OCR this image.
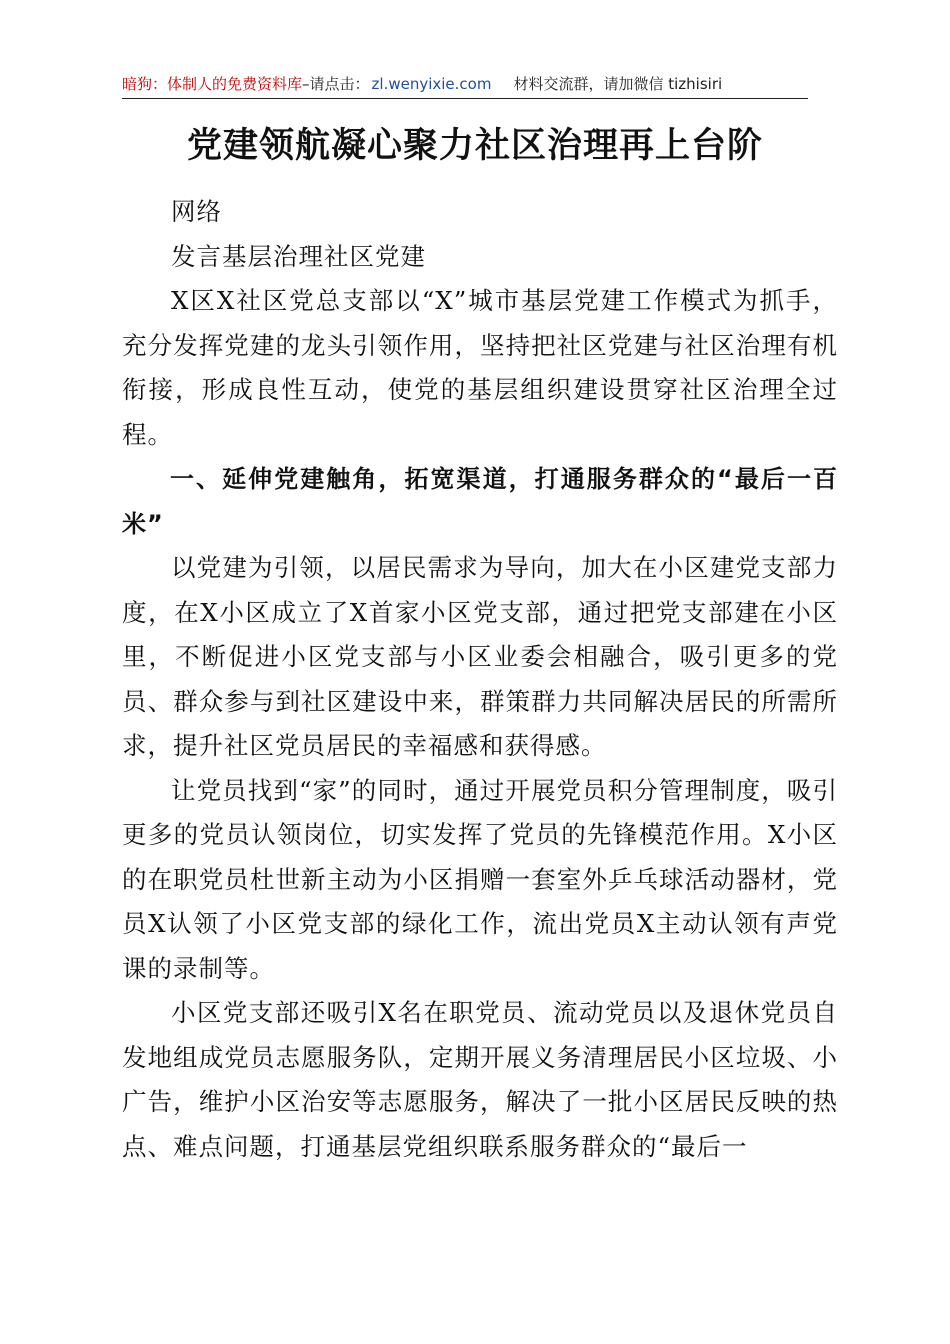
暗狗：体制人的免费资料库–请点击： zl.wenyixie.com 材料交流群，请加微信 tizhisiri
党建领航凝心聚力社区治理再上台阶

网络

发言基层治理社区党建

X区X社区党总支部以“X”城市基层党建工作模式为抓手，充分发挥党建的龙头引领作用，坚持把社区党建与社区治理有机衔接，形成良性互动，使党的基层组织建设贯穿社区治理全过程。

一、延伸党建触角，拓宽渠道，打通服务群众的“最后一百米”

以党建为引领，以居民需求为导向，加大在小区建党支部力度，在X小区成立了X首家小区党支部，通过把党支部建在小区里，不断促进小区党支部与小区业委会相融合，吸引更多的党员、群众参与到社区建设中来，群策群力共同解决居民的所需所求，提升社区党员居民的幸福感和获得感。

让党员找到“家”的同时，通过开展党员积分管理制度，吸引更多的党员认领岗位，切实发挥了党员的先锋模范作用。X小区的在职党员杜世新主动为小区捐赠一套室外乒乓球活动器材，党员X认领了小区党支部的绿化工作，流出党员X主动认领有声党课的录制等。

小区党支部还吸引X名在职党员、流动党员以及退休党员自发地组成党员志愿服务队，定期开展义务清理居民小区垃圾、小广告，维护小区治安等志愿服务，解决了一批小区居民反映的热点、难点问题，打通基层党组织联系服务群众的“最后一
